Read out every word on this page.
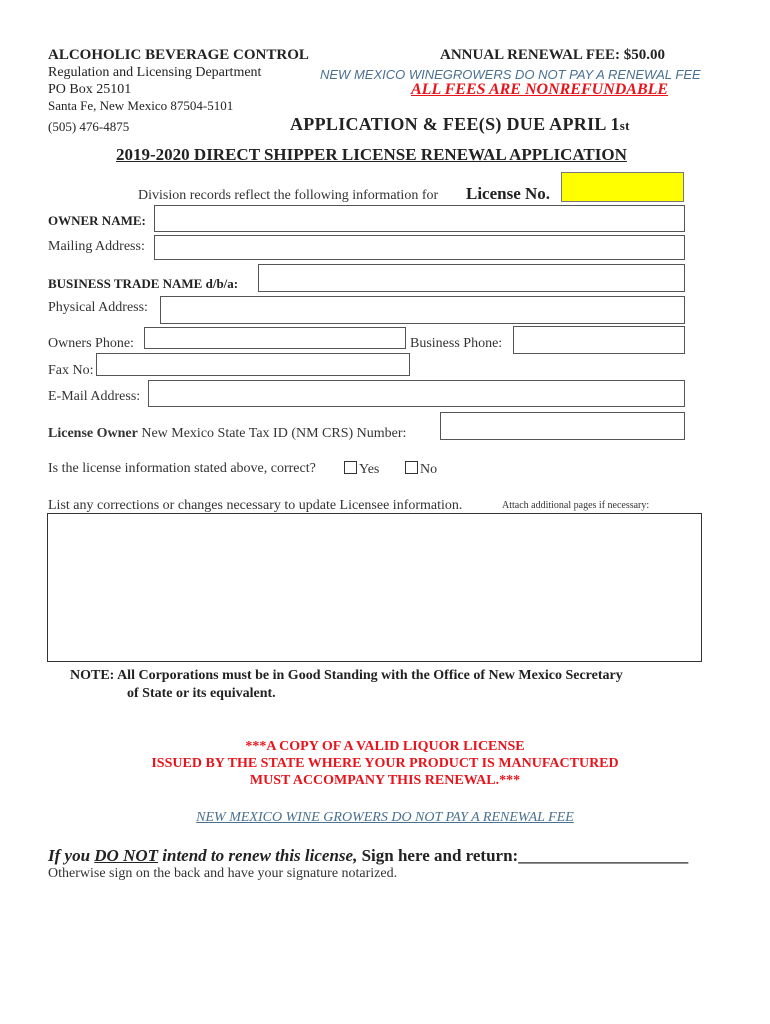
ALCOHOLIC BEVERAGE CONTROL
Regulation and Licensing Department
PO Box 25101
Santa Fe, New Mexico 87504-5101
(505) 476-4875
ANNUAL RENEWAL FEE: $50.00
NEW MEXICO WINEGROWERS DO NOT PAY A RENEWAL FEE
ALL FEES ARE NONREFUNDABLE
APPLICATION & FEE(S) DUE APRIL 1st
2019-2020 DIRECT SHIPPER LICENSE RENEWAL APPLICATION
Division records reflect the following information for License No.
OWNER NAME:
Mailing Address:
BUSINESS TRADE NAME d/b/a:
Physical Address:
Owners Phone:	Business Phone:
Fax No:
E-Mail Address:
License Owner New Mexico State Tax ID (NM CRS) Number:
Is the license information stated above, correct?	Yes	No
List any corrections or changes necessary to update Licensee information.	Attach additional pages if necessary:
NOTE: All Corporations must be in Good Standing with the Office of New Mexico Secretary
of State or its equivalent.
***A COPY OF A VALID LIQUOR LICENSE
ISSUED BY THE STATE WHERE YOUR PRODUCT IS MANUFACTURED
MUST ACCOMPANY THIS RENEWAL.***
NEW MEXICO WINE GROWERS DO NOT PAY A RENEWAL FEE
If you DO NOT intend to renew this license, Sign here and return:____________________
Otherwise sign on the back and have your signature notarized.
